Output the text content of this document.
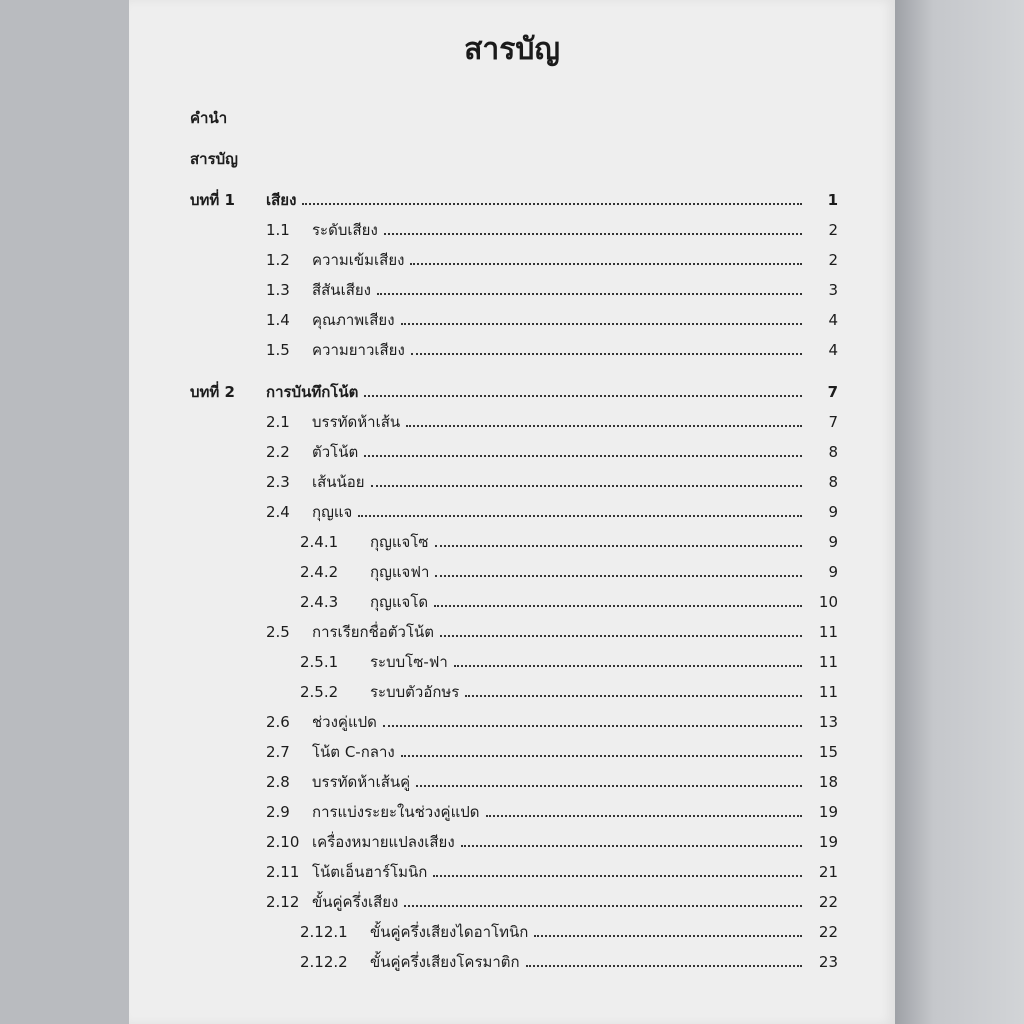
สารบัญ
คำนำ
สารบัญ
บทที่ 1 เสียง	1
1.1 ระดับเสียง	2
1.2 ความเข้มเสียง	2
1.3 สีสันเสียง	3
1.4 คุณภาพเสียง	4
1.5 ความยาวเสียง	4
บทที่ 2 การบันทึกโน้ต	7
2.1 บรรทัดห้าเส้น	7
2.2 ตัวโน้ต	8
2.3 เส้นน้อย	8
2.4 กุญแจ	9
2.4.1 กุญแจโซ	9
2.4.2 กุญแจฟา	9
2.4.3 กุญแจโด	10
2.5 การเรียกชื่อตัวโน้ต	11
2.5.1 ระบบโซ-ฟา	11
2.5.2 ระบบตัวอักษร	11
2.6 ช่วงคู่แปด	13
2.7 โน้ต C-กลาง	15
2.8 บรรทัดห้าเส้นคู่	18
2.9 การแบ่งระยะในช่วงคู่แปด	19
2.10 เครื่องหมายแปลงเสียง	19
2.11 โน้ตเอ็นฮาร์โมนิก	21
2.12 ขั้นคู่ครึ่งเสียง	22
2.12.1 ขั้นคู่ครึ่งเสียงไดอาโทนิก	22
2.12.2 ขั้นคู่ครึ่งเสียงโครมาติก	23
